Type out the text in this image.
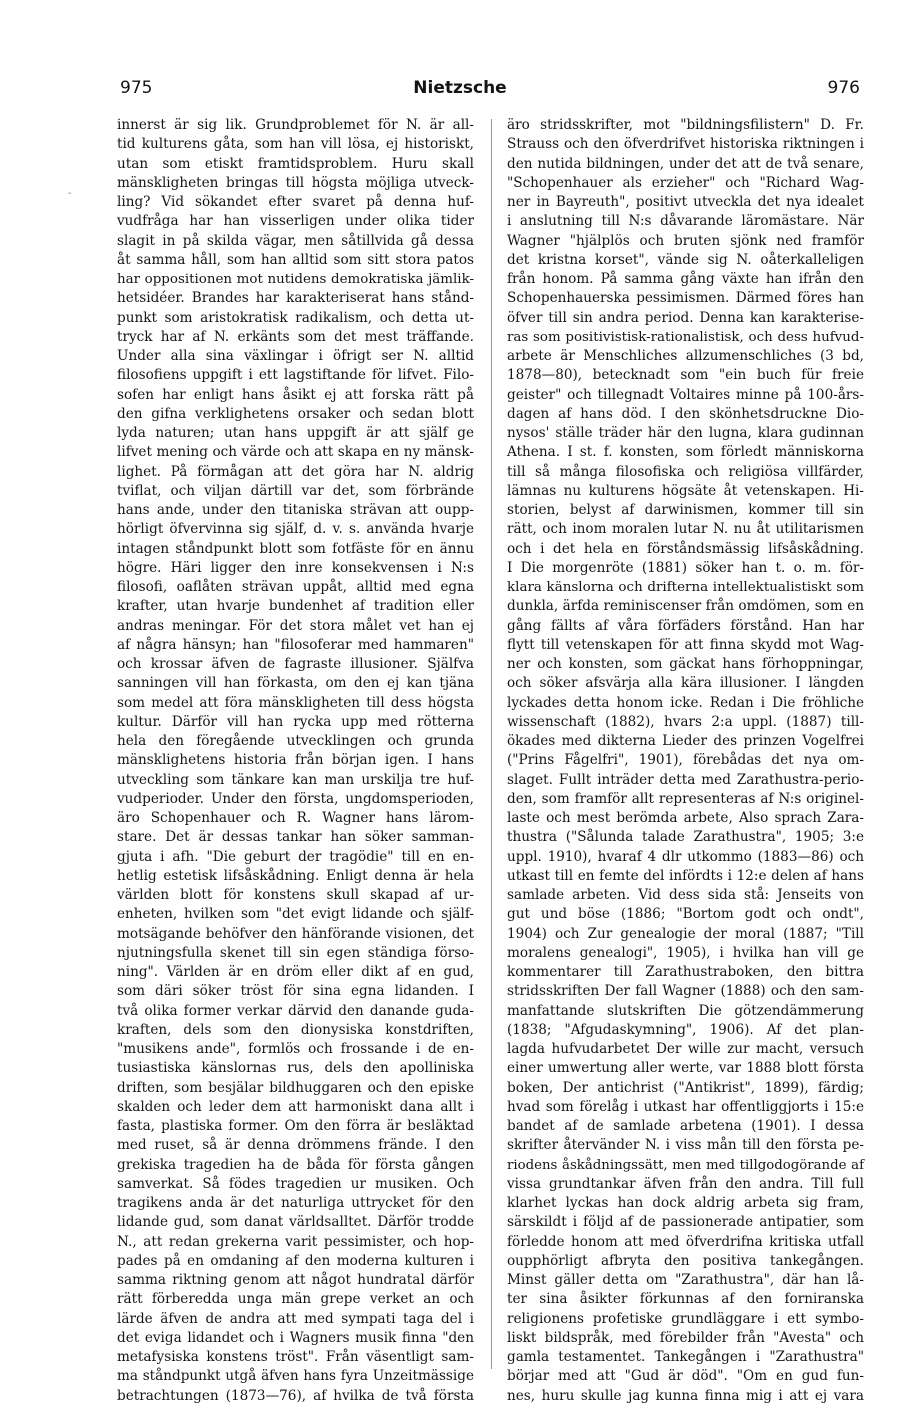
975	Nietzsche	976
-
innerst är sig lik. Grundproblemet för N. är all-
tid kulturens gåta, som han vill lösa, ej historiskt,
utan som etiskt framtidsproblem. Huru skall
mänskligheten bringas till högsta möjliga utveck-
ling? Vid sökandet efter svaret på denna huf-
vudfråga har han visserligen under olika tider
slagit in på skilda vägar, men såtillvida gå dessa
åt samma håll, som han alltid som sitt stora patos
har oppositionen mot nutidens demokratiska jämlik-
hetsidéer. Brandes har karakteriserat hans stånd-
punkt som aristokratisk radikalism, och detta ut-
tryck har af N. erkänts som det mest träffande.
Under alla sina växlingar i öfrigt ser N. alltid
filosofiens uppgift i ett lagstiftande för lifvet. Filo-
sofen har enligt hans åsikt ej att forska rätt på
den gifna verklighetens orsaker och sedan blott
lyda naturen; utan hans uppgift är att själf ge
lifvet mening och värde och att skapa en ny mänsk-
lighet. På förmågan att det göra har N. aldrig
tviflat, och viljan därtill var det, som förbrände
hans ande, under den titaniska strävan att oupp-
hörligt öfvervinna sig själf, d. v. s. använda hvarje
intagen ståndpunkt blott som fotfäste för en ännu
högre. Häri ligger den inre konsekvensen i N:s
filosofi, oaflåten strävan uppåt, alltid med egna
krafter, utan hvarje bundenhet af tradition eller
andras meningar. För det stora målet vet han ej
af några hänsyn; han "filosoferar med hammaren"
och krossar äfven de fagraste illusioner. Själfva
sanningen vill han förkasta, om den ej kan tjäna
som medel att föra mänskligheten till dess högsta
kultur. Därför vill han rycka upp med rötterna
hela den föregående utvecklingen och grunda
mänsklighetens historia från början igen. I hans
utveckling som tänkare kan man urskilja tre huf-
vudperioder. Under den första, ungdomsperioden,
äro Schopenhauer och R. Wagner hans lärom-
stare. Det är dessas tankar han söker samman-
gjuta i afh. "Die geburt der tragödie" till en en-
hetlig estetisk lifsåskådning. Enligt denna är hela
världen blott för konstens skull skapad af ur-
enheten, hvilken som "det evigt lidande och själf-
motsägande behöfver den hänförande visionen, det
njutningsfulla skenet till sin egen ständiga förso-
ning". Världen är en dröm eller dikt af en gud,
som däri söker tröst för sina egna lidanden. I
två olika former verkar därvid den danande guda-
kraften, dels som den dionysiska konstdriften,
"musikens ande", formlös och frossande i de en-
tusiastiska känslornas rus, dels den apolliniska
driften, som besjälar bildhuggaren och den episke
skalden och leder dem att harmoniskt dana allt i
fasta, plastiska former. Om den förra är besläktad
med ruset, så är denna drömmens frände. I den
grekiska tragedien ha de båda för första gången
samverkat. Så födes tragedien ur musiken. Och
tragikens anda är det naturliga uttrycket för den
lidande gud, som danat världsalltet. Därför trodde
N., att redan grekerna varit pessimister, och hop-
pades på en omdaning af den moderna kulturen i
samma riktning genom att något hundratal därför
rätt förberedda unga män grepe verket an och
lärde äfven de andra att med sympati taga del i
det eviga lidandet och i Wagners musik finna "den
metafysiska konstens tröst". Från väsentligt sam-
ma ståndpunkt utgå äfven hans fyra Unzeitmässige
betrachtungen (1873—76), af hvilka de två första
äro stridsskrifter, mot "bildningsfilistern" D. Fr.
Strauss och den öfverdrifvet historiska riktningen i
den nutida bildningen, under det att de två senare,
"Schopenhauer als erzieher" och "Richard Wag-
ner in Bayreuth", positivt utveckla det nya idealet
i anslutning till N:s dåvarande läromästare. När
Wagner "hjälplös och bruten sjönk ned framför
det kristna korset", vände sig N. oåterkalleligen
från honom. På samma gång växte han ifrån den
Schopenhauerska pessimismen. Därmed föres han
öfver till sin andra period. Denna kan karakterise-
ras som positivistisk-rationalistisk, och dess hufvud-
arbete är Menschliches allzumenschliches (3 bd,
1878—80), betecknadt som "ein buch für freie
geister" och tillegnadt Voltaires minne på 100-års-
dagen af hans död. I den skönhetsdruckne Dio-
nysos' ställe träder här den lugna, klara gudinnan
Athena. I st. f. konsten, som förledt människorna
till så många filosofiska och religiösa villfärder,
lämnas nu kulturens högsäte åt vetenskapen. Hi-
storien, belyst af darwinismen, kommer till sin
rätt, och inom moralen lutar N. nu åt utilitarismen
och i det hela en förståndsmässig lifsåskådning.
I Die morgenröte (1881) söker han t. o. m. för-
klara känslorna och drifterna intellektualistiskt som
dunkla, ärfda reminiscenser från omdömen, som en
gång fällts af våra förfäders förstånd. Han har
flytt till vetenskapen för att finna skydd mot Wag-
ner och konsten, som gäckat hans förhoppningar,
och söker afsvärja alla kära illusioner. I längden
lyckades detta honom icke. Redan i Die fröhliche
wissenschaft (1882), hvars 2:a uppl. (1887) till-
ökades med dikterna Lieder des prinzen Vogelfrei
("Prins Fågelfri", 1901), förebådas det nya om-
slaget. Fullt inträder detta med Zarathustra-perio-
den, som framför allt representeras af N:s originel-
laste och mest berömda arbete, Also sprach Zara-
thustra ("Sålunda talade Zarathustra", 1905; 3:e
uppl. 1910), hvaraf 4 dlr utkommo (1883—86) och
utkast till en femte del infördts i 12:e delen af hans
samlade arbeten. Vid dess sida stå: Jenseits von
gut und böse (1886; "Bortom godt och ondt",
1904) och Zur genealogie der moral (1887; "Till
moralens genealogi", 1905), i hvilka han vill ge
kommentarer till Zarathustraboken, den bittra
stridsskriften Der fall Wagner (1888) och den sam-
manfattande slutskriften Die götzendämmerung
(1838; "Afgudaskymning", 1906). Af det plan-
lagda hufvudarbetet Der wille zur macht, versuch
einer umwertung aller werte, var 1888 blott första
boken, Der antichrist ("Antikrist", 1899), färdig;
hvad som förelåg i utkast har offentliggjorts i 15:e
bandet af de samlade arbetena (1901). I dessa
skrifter återvänder N. i viss mån till den första pe-
riodens åskådningssätt, men med tillgodogörande af
vissa grundtankar äfven från den andra. Till full
klarhet lyckas han dock aldrig arbeta sig fram,
särskildt i följd af de passionerade antipatier, som
förledde honom att med öfverdrifna kritiska utfall
oupphörligt afbryta den positiva tankegången.
Minst gäller detta om "Zarathustra", där han lå-
ter sina åsikter förkunnas af den forniranska
religionens profetiske grundläggare i ett symbo-
liskt bildspråk, med förebilder från "Avesta" och
gamla testamentet. Tankegången i "Zarathustra"
börjar med att "Gud är död". "Om en gud fun-
nes, huru skulle jag kunna finna mig i att ej vara
